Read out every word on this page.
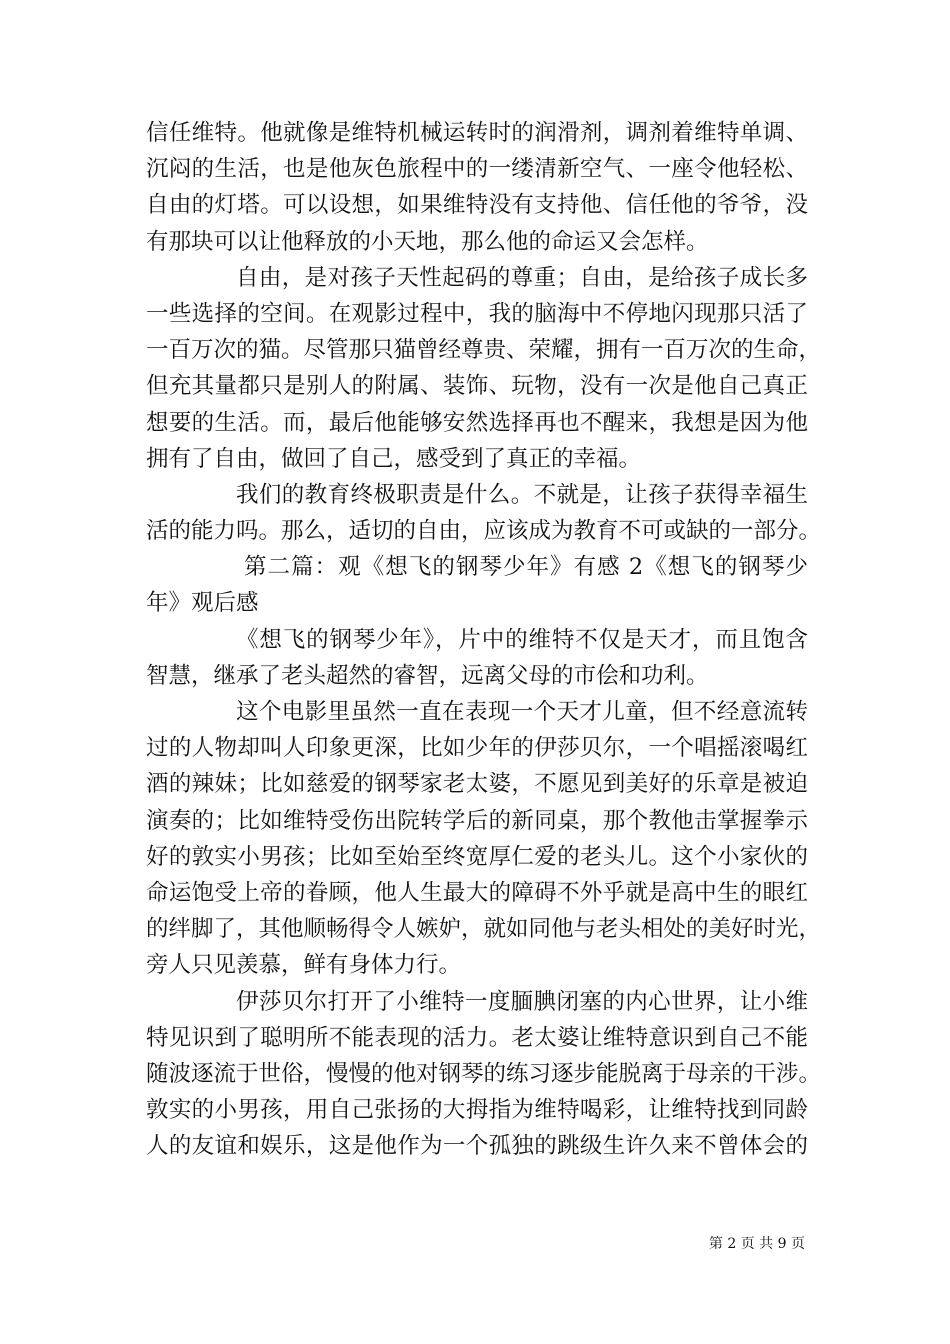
信任维特。他就像是维特机械运转时的润滑剂，调剂着维特单调、
沉闷的生活，也是他灰色旅程中的一缕清新空气、一座令他轻松、
自由的灯塔。可以设想，如果维特没有支持他、信任他的爷爷，没
有那块可以让他释放的小天地，那么他的命运又会怎样。
自由，是对孩子天性起码的尊重；自由，是给孩子成长多
一些选择的空间。在观影过程中，我的脑海中不停地闪现那只活了
一百万次的猫。尽管那只猫曾经尊贵、荣耀，拥有一百万次的生命，
但充其量都只是别人的附属、装饰、玩物，没有一次是他自己真正
想要的生活。而，最后他能够安然选择再也不醒来，我想是因为他
拥有了自由，做回了自己，感受到了真正的幸福。
我们的教育终极职责是什么。不就是，让孩子获得幸福生
活的能力吗。那么，适切的自由，应该成为教育不可或缺的一部分。
第二篇：观《想飞的钢琴少年》有感 2《想飞的钢琴少
年》观后感
《想飞的钢琴少年》，片中的维特不仅是天才，而且饱含
智慧，继承了老头超然的睿智，远离父母的市侩和功利。
这个电影里虽然一直在表现一个天才儿童，但不经意流转
过的人物却叫人印象更深，比如少年的伊莎贝尔，一个唱摇滚喝红
酒的辣妹；比如慈爱的钢琴家老太婆，不愿见到美好的乐章是被迫
演奏的；比如维特受伤出院转学后的新同桌，那个教他击掌握拳示
好的敦实小男孩；比如至始至终宽厚仁爱的老头儿。这个小家伙的
命运饱受上帝的眷顾，他人生最大的障碍不外乎就是高中生的眼红
的绊脚了，其他顺畅得令人嫉妒，就如同他与老头相处的美好时光，
旁人只见羡慕，鲜有身体力行。
伊莎贝尔打开了小维特一度腼腆闭塞的内心世界，让小维
特见识到了聪明所不能表现的活力。老太婆让维特意识到自己不能
随波逐流于世俗，慢慢的他对钢琴的练习逐步能脱离于母亲的干涉。
敦实的小男孩，用自己张扬的大拇指为维特喝彩，让维特找到同龄
人的友谊和娱乐，这是他作为一个孤独的跳级生许久来不曾体会的
第 2 页 共 9 页
